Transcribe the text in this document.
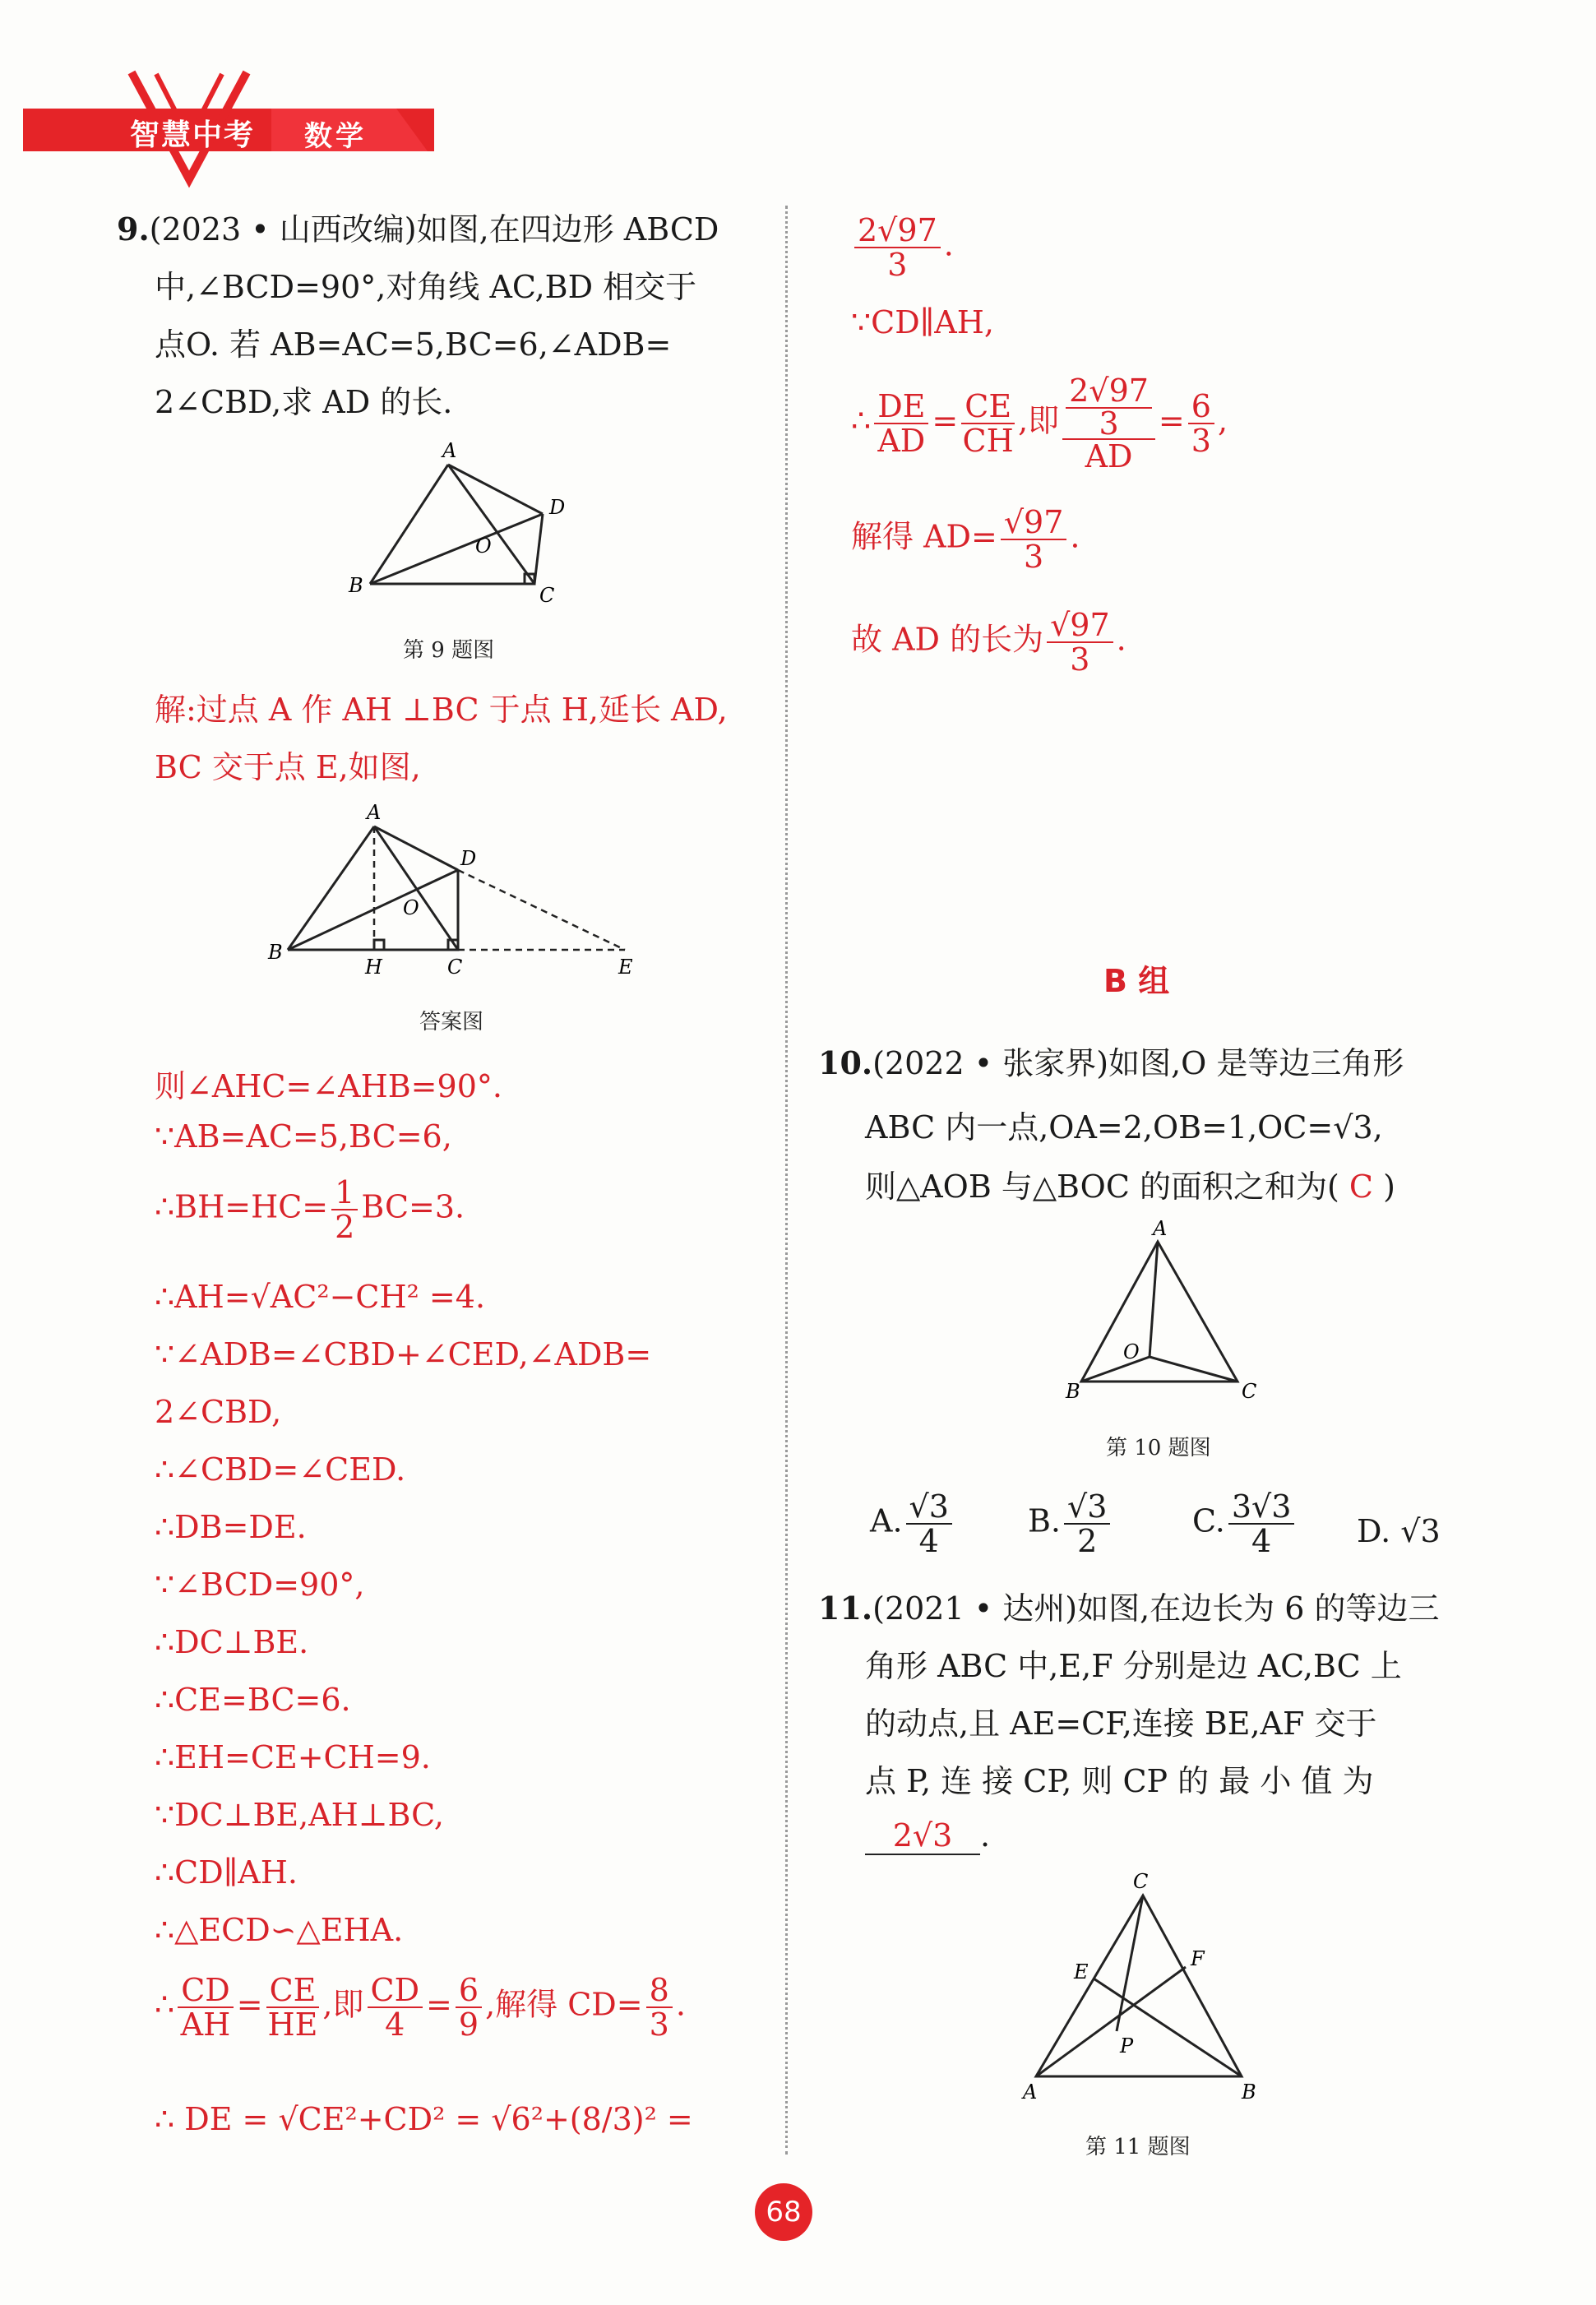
智慧中考 数学
9.(2023 • 山西改编)如图,在四边形 ABCD
中,∠BCD=90°,对角线 AC,BD 相交于
点O. 若 AB=AC=5,BC=6,∠ADB=
2∠CBD,求 AD 的长.
A
D
O
B	C
第 9 题图
解:过点 A 作 AH ⊥BC 于点 H,延长 AD,
BC 交于点 E,如图,
A
D
O
B
H	C	E
答案图
则∠AHC=∠AHB=90°.
∵AB=AC=5,BC=6,
∴BH=HC= $\frac{1}{2} BC=3$.
∴AH=√AC²−CH² =4.
∵∠ADB=∠CBD+∠CED,∠ADB=
2∠CBD,
∴∠CBD=∠CED.
∴DB=DE.
∵∠BCD=90°,
∴DC⊥BE.
∴CE=BC=6.
∴EH=CE+CH=9.
∵DC⊥BE,AH⊥BC,
∴CD∥AH.
∴△ECD∽△EHA.
∴ $\frac{CD}{AH} = \frac{CE}{HE}$ ,即 $\frac{CD}{4} = \frac{6}{9}$ ,解得 $CD= \frac{8}{3}$ .
∴ DE = √CE²+CD² = √6²+(8/3)² =
$\frac{2√97}{3}$ .
∵CD∥AH,
∴ $\frac{DE}{AD} = \frac{CE}{CH}$ ,即 $\frac{\frac{2√97}{3}}{AD} = \frac{6}{3}$ ,
解得 $AD= \frac{√97}{3}$ .
故 AD 的长为 $\frac{√97}{3}$ .
B 组
10.(2022 • 张家界)如图,O 是等边三角形
ABC 内一点,OA=2,OB=1,OC=√3,
则△AOB 与△BOC 的面积之和为( C )
A
O
B	C
第 10 题图
A. $\frac{√3}{4} B$. $\frac{√3}{2}$	C. $\frac{3√3}{4} D$. √3
11.(2021 • 达州)如图,在边长为 6 的等边三
角形 ABC 中,E,F 分别是边 AC,BC 上
的动点,且 AE=CF,连接 BE,AF 交于
点 P, 连 接 CP, 则 CP 的 最 小 值 为
2√3 .
C
F
E
P
A	B
第 11 题图
68
